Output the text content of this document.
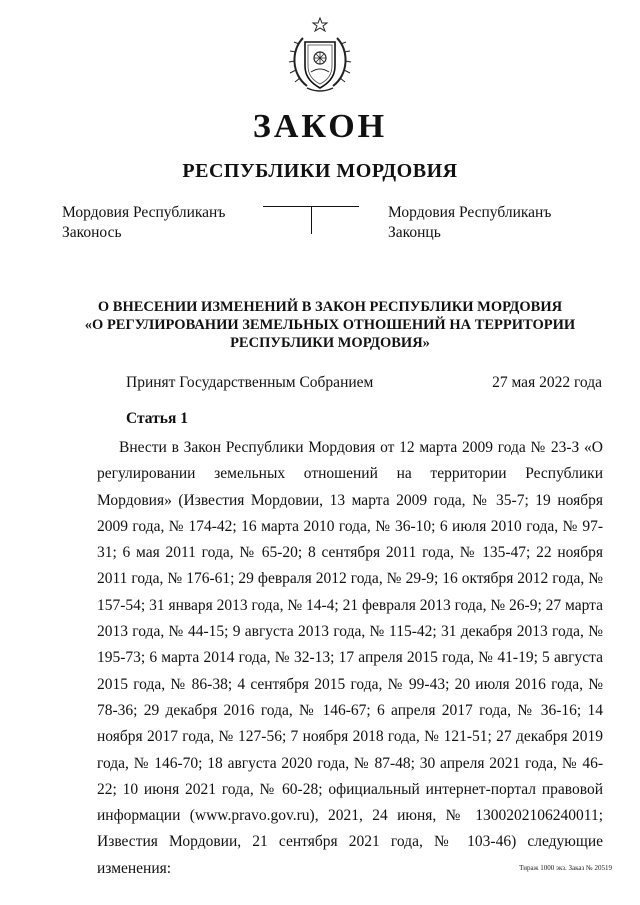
ЗАКОН
РЕСПУБЛИКИ МОРДОВИЯ
Мордовия Республиканъ
Законось
Мордовия Республиканъ
Законць
О ВНЕСЕНИИ ИЗМЕНЕНИЙ В ЗАКОН РЕСПУБЛИКИ МОРДОВИЯ
«О РЕГУЛИРОВАНИИ ЗЕМЕЛЬНЫХ ОТНОШЕНИЙ НА ТЕРРИТОРИИ
РЕСПУБЛИКИ МОРДОВИЯ»
Принят Государственным Собранием	27 мая 2022 года
Статья 1
Внести в Закон Республики Мордовия от 12 марта 2009 года № 23-З «О регулировании земельных отношений на территории Республики Мордовия» (Известия Мордовии, 13 марта 2009 года, № 35-7; 19 ноября 2009 года, № 174-42; 16 марта 2010 года, № 36-10; 6 июля 2010 года, № 97-31; 6 мая 2011 года, № 65-20; 8 сентября 2011 года, № 135-47; 22 ноября 2011 года, № 176-61; 29 февраля 2012 года, № 29-9; 16 октября 2012 года, № 157-54; 31 января 2013 года, № 14-4; 21 февраля 2013 года, № 26-9; 27 марта 2013 года, № 44-15; 9 августа 2013 года, № 115-42; 31 декабря 2013 года, № 195-73; 6 марта 2014 года, № 32-13; 17 апреля 2015 года, № 41-19; 5 августа 2015 года, № 86-38; 4 сентября 2015 года, № 99-43; 20 июля 2016 года, № 78-36; 29 декабря 2016 года, № 146-67; 6 апреля 2017 года, № 36-16; 14 ноября 2017 года, № 127-56; 7 ноября 2018 года, № 121-51; 27 декабря 2019 года, № 146-70; 18 августа 2020 года, № 87-48; 30 апреля 2021 года, № 46-22; 10 июня 2021 года, № 60-28; официальный интернет-портал правовой информации (www.pravo.gov.ru), 2021, 24 июня, № 1300202106240011; Известия Мордовии, 21 сентября 2021 года, № 103-46) следующие изменения:	Тираж 1000 экз. Заказ № 20519
